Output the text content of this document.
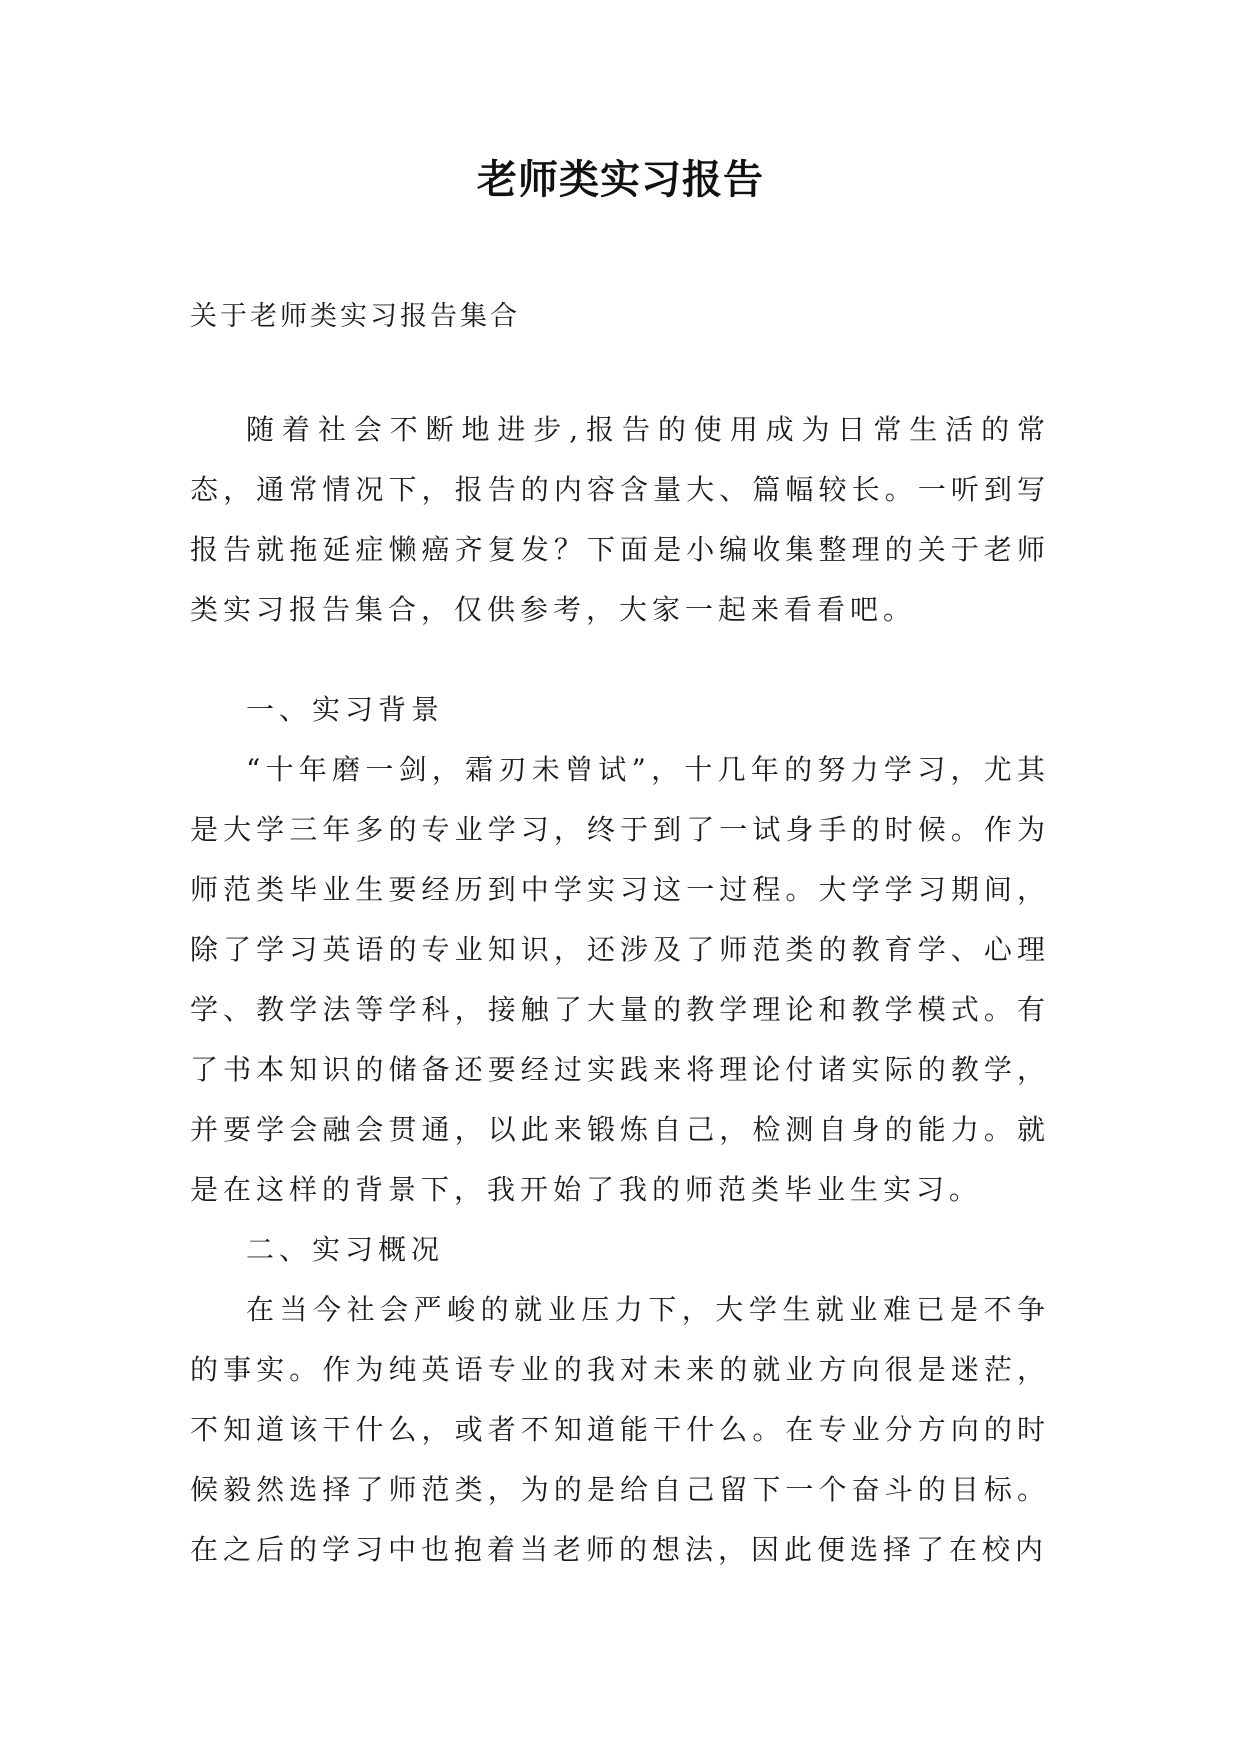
老师类实习报告

关于老师类实习报告集合

随着社会不断地进步,报告的使用成为日常生活的常态，通常情况下，报告的内容含量大、篇幅较长。一听到写报告就拖延症懒癌齐复发？下面是小编收集整理的关于老师类实习报告集合，仅供参考，大家一起来看看吧。

一、实习背景

“十年磨一剑，霜刃未曾试”，十几年的努力学习，尤其是大学三年多的专业学习，终于到了一试身手的时候。作为师范类毕业生要经历到中学实习这一过程。大学学习期间，除了学习英语的专业知识，还涉及了师范类的教育学、心理学、教学法等学科，接触了大量的教学理论和教学模式。有了书本知识的储备还要经过实践来将理论付诸实际的教学，并要学会融会贯通，以此来锻炼自己，检测自身的能力。就是在这样的背景下，我开始了我的师范类毕业生实习。

二、实习概况

在当今社会严峻的就业压力下，大学生就业难已是不争的事实。作为纯英语专业的我对未来的就业方向很是迷茫，不知道该干什么，或者不知道能干什么。在专业分方向的时候毅然选择了师范类，为的是给自己留下一个奋斗的目标。在之后的学习中也抱着当老师的想法，因此便选择了在校内
